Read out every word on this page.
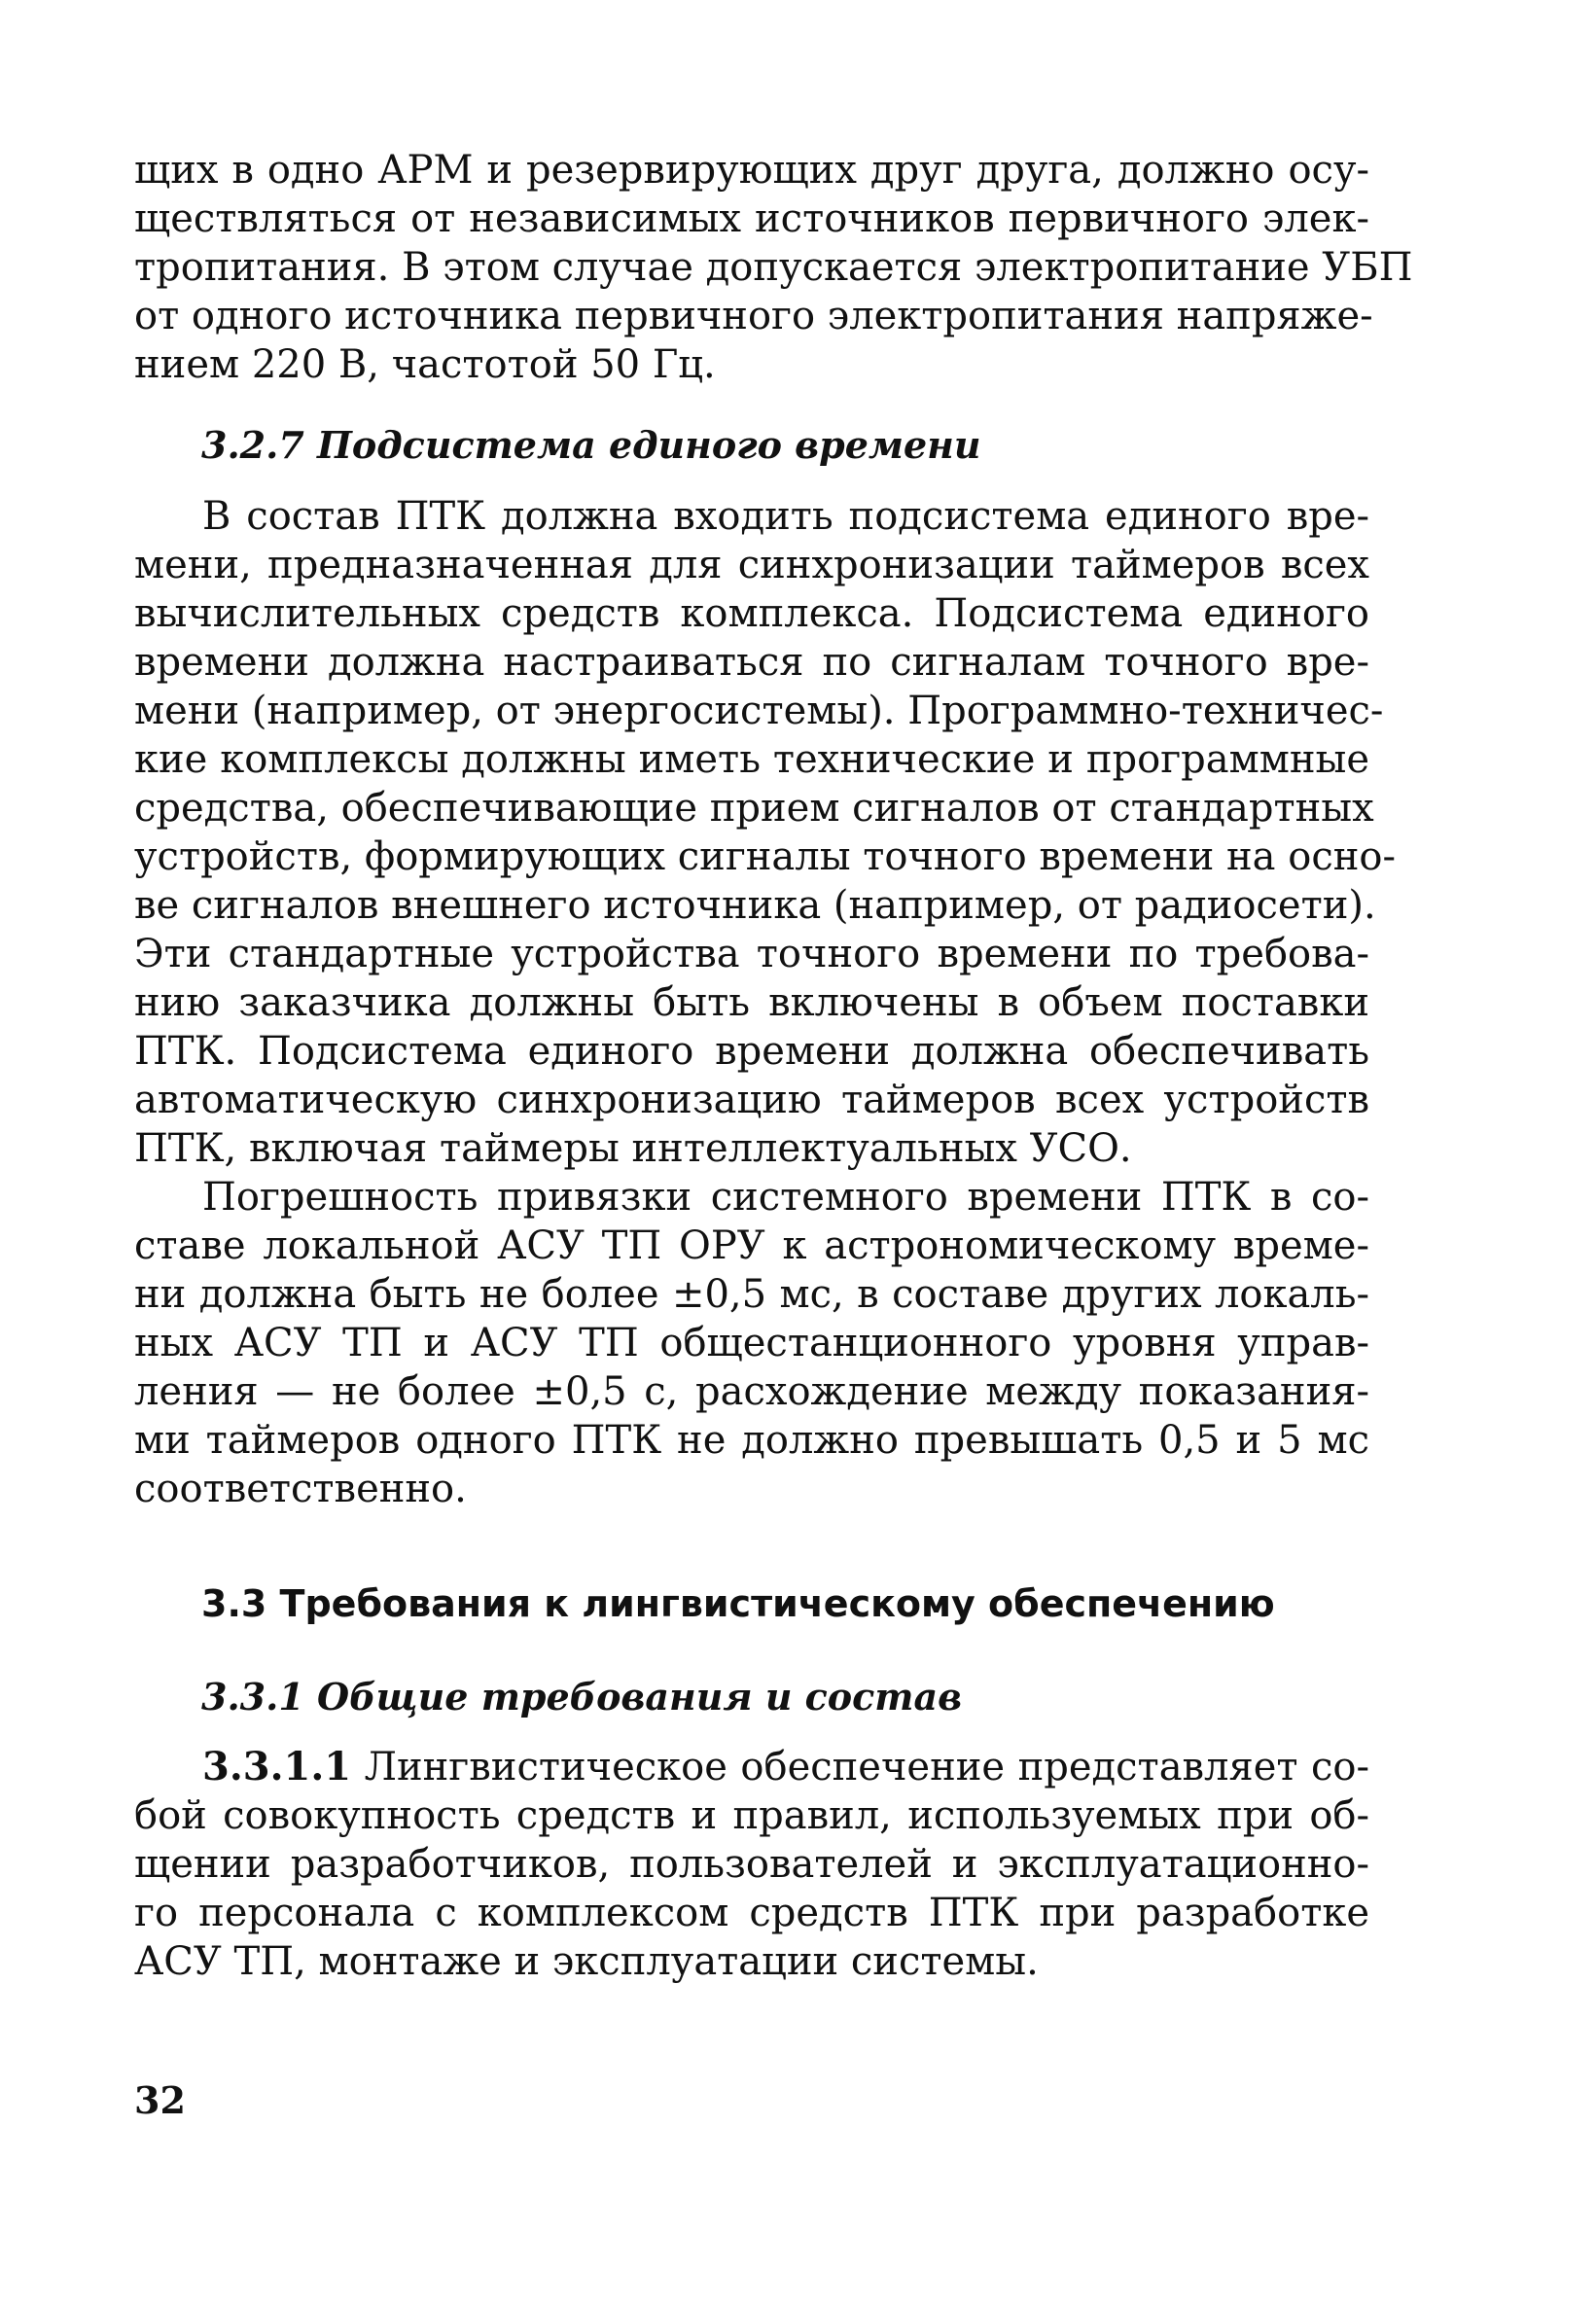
щих в одно АРМ и резервирующих друг друга, должно осу-
ществляться от независимых источников первичного элек-
тропитания. В этом случае допускается электропитание УБП
от одного источника первичного электропитания напряже-
нием 220 В, частотой 50 Гц.
3.2.7 Подсистема единого времени
В состав ПТК должна входить подсистема единого вре-
мени, предназначенная для синхронизации таймеров всех
вычислительных средств комплекса. Подсистема единого
времени должна настраиваться по сигналам точного вре-
мени (например, от энергосистемы). Программно-техничес-
кие комплексы должны иметь технические и программные
средства, обеспечивающие прием сигналов от стандартных
устройств, формирующих сигналы точного времени на осно-
ве сигналов внешнего источника (например, от радиосети).
Эти стандартные устройства точного времени по требова-
нию заказчика должны быть включены в объем поставки
ПТК. Подсистема единого времени должна обеспечивать
автоматическую синхронизацию таймеров всех устройств
ПТК, включая таймеры интеллектуальных УСО.
Погрешность привязки системного времени ПТК в со-
ставе локальной АСУ ТП ОРУ к астрономическому време-
ни должна быть не более ±0,5 мс, в составе других локаль-
ных АСУ ТП и АСУ ТП общестанционного уровня управ-
ления — не более ±0,5 с, расхождение между показания-
ми таймеров одного ПТК не должно превышать 0,5 и 5 мс
соответственно.
3.3 Требования к лингвистическому обеспечению
3.3.1 Общие требования и состав
3.3.1.1 Лингвистическое обеспечение представляет со-
бой совокупность средств и правил, используемых при об-
щении разработчиков, пользователей и эксплуатационно-
го персонала с комплексом средств ПТК при разработке
АСУ ТП, монтаже и эксплуатации системы.
32
